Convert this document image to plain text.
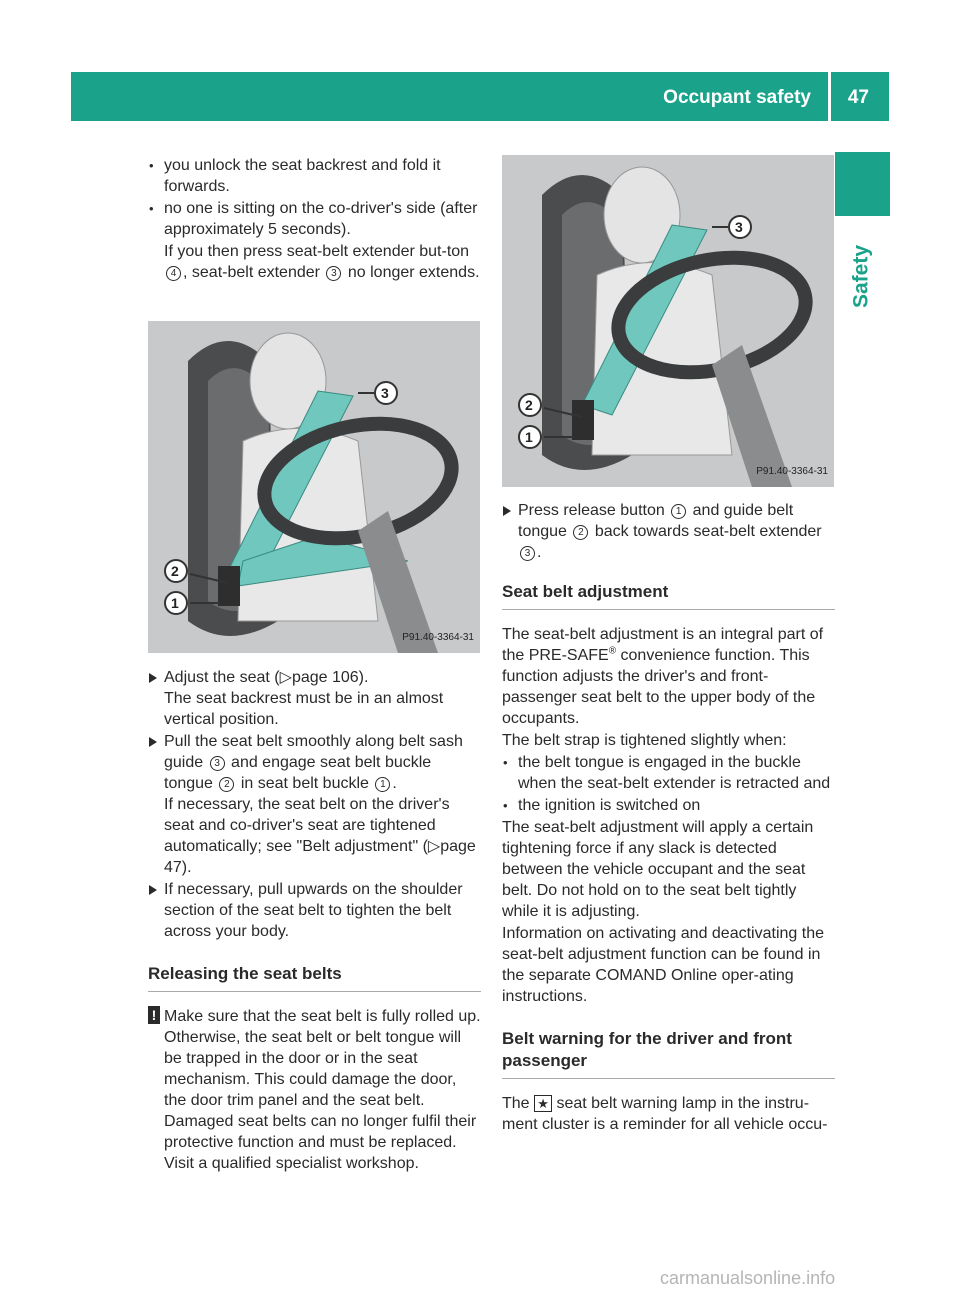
Occupant safety 47
Safety

• you unlock the seat backrest and fold it forwards.

• no one is sitting on the co-driver's side (after approximately 5 seconds).

If you then press seat-belt extender but-ton 4 , seat-belt extender 3 no longer extends.

2
1
3
P91.40-3364-31

Adjust the seat (▷page 106).
The seat backrest must be in an almost vertical position.

Pull the seat belt smoothly along belt sash guide 3 and engage seat belt buckle tongue 2 in seat belt buckle 1 .
If necessary, the seat belt on the driver's seat and co-driver's seat are tightened automatically; see "Belt adjustment" (▷page 47).

If necessary, pull upwards on the shoulder section of the seat belt to tighten the belt across your body.

Releasing the seat belts

! Make sure that the seat belt is fully rolled up. Otherwise, the seat belt or belt tongue will be trapped in the door or in the seat mechanism. This could damage the door, the door trim panel and the seat belt. Damaged seat belts can no longer fulfil their protective function and must be replaced. Visit a qualified specialist workshop.

2
1
3
P91.40-3364-31

Press release button 1 and guide belt tongue 2 back towards seat-belt extender 3 .

Seat belt adjustment

The seat-belt adjustment is an integral part of the PRE-SAFE® convenience function. This function adjusts the driver's and front-passenger seat belt to the upper body of the occupants.

The belt strap is tightened slightly when:

• the belt tongue is engaged in the buckle when the seat-belt extender is retracted and

• the ignition is switched on

The seat-belt adjustment will apply a certain tightening force if any slack is detected between the vehicle occupant and the seat belt. Do not hold on to the seat belt tightly while it is adjusting.

Information on activating and deactivating the seat-belt adjustment function can be found in the separate COMAND Online oper-ating instructions.

Belt warning for the driver and front passenger

The ★ seat belt warning lamp in the instru-ment cluster is a reminder for all vehicle occu-

carmanualsonline.info
